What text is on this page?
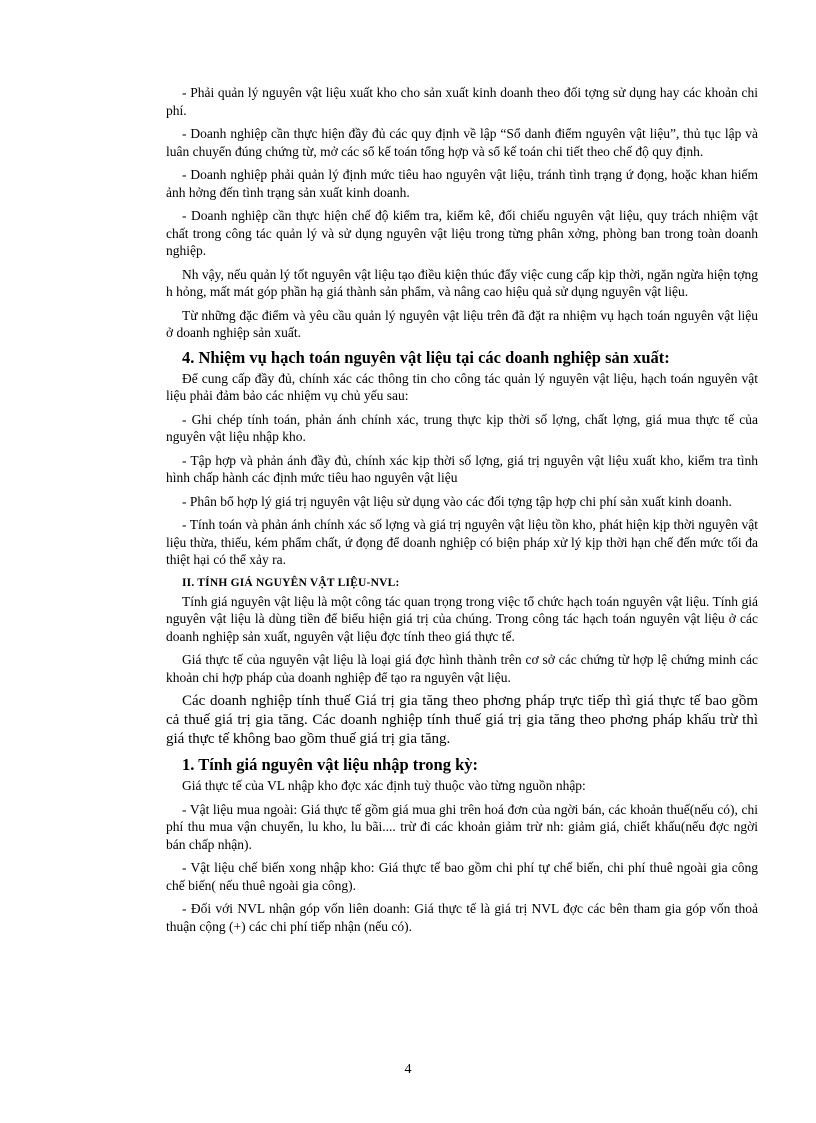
- Phải quản lý nguyên vật liệu xuất kho cho sản xuất kinh doanh theo đối tợng sử dụng hay các khoản chi phí.

- Doanh nghiệp cần thực hiện đầy đủ các quy định về lập “Sổ danh điểm nguyên vật liệu”, thủ tục lập và luân chuyển đúng chứng từ, mở các sổ kế toán tổng hợp và sổ kế toán chi tiết theo chế độ quy định.

- Doanh nghiệp phải quản lý định mức tiêu hao nguyên vật liệu, tránh tình trạng ứ đọng, hoặc khan hiếm ảnh hởng đến tình trạng sản xuất kinh doanh.

- Doanh nghiệp cần thực hiện chế độ kiểm tra, kiểm kê, đối chiếu nguyên vật liệu, quy trách nhiệm vật chất trong công tác quản lý và sử dụng nguyên vật liệu trong từng phân xởng, phòng ban trong toàn doanh nghiệp.

Nh vậy, nếu quản lý tốt nguyên vật liệu tạo điều kiện thúc đẩy việc cung cấp kịp thời, ngăn ngừa hiện tợng h hỏng, mất mát góp phần hạ giá thành sản phẩm, và nâng cao hiệu quả sử dụng nguyên vật liệu.

Từ những đặc điểm và yêu cầu quản lý nguyên vật liệu trên đã đặt ra nhiệm vụ hạch toán nguyên vật liệu ở doanh nghiệp sản xuất.

4. Nhiệm vụ hạch toán nguyên vật liệu tại các doanh nghiệp sản xuất:

Để cung cấp đầy đủ, chính xác các thông tin cho công tác quản lý nguyên vật liệu, hạch toán nguyên vật liệu phải đảm bảo các nhiệm vụ chủ yếu sau:

- Ghi chép tính toán, phản ánh chính xác, trung thực kịp thời số lợng, chất lợng, giá mua thực tế của nguyên vật liệu nhập kho.

- Tập hợp và phản ánh đầy đủ, chính xác kịp thời số lợng, giá trị nguyên vật liệu xuất kho, kiểm tra tình hình chấp hành các định mức tiêu hao nguyên vật liệu

- Phân bổ hợp lý giá trị nguyên vật liệu sử dụng vào các đối tợng tập hợp chi phí sản xuất kinh doanh.

- Tính toán và phản ánh chính xác số lợng và giá trị nguyên vật liệu tồn kho, phát hiện kịp thời nguyên vật liệu thừa, thiếu, kém phẩm chất, ứ đọng để doanh nghiệp có biện pháp xử lý kịp thời hạn chế đến mức tối đa thiệt hại có thể xảy ra.

II. TÍNH GIÁ NGUYÊN VẬT LIỆU-NVL:

Tính giá nguyên vật liệu là một công tác quan trọng trong việc tổ chức hạch toán nguyên vật liệu. Tính giá nguyên vật liệu là dùng tiền để biểu hiện giá trị của chúng. Trong công tác hạch toán nguyên vật liệu ở các doanh nghiệp sản xuất, nguyên vật liệu đợc tính theo giá thực tế.

Giá thực tế của nguyên vật liệu là loại giá đợc hình thành trên cơ sở các chứng từ hợp lệ chứng minh các khoản chi hợp pháp của doanh nghiệp để tạo ra nguyên vật liệu.

Các doanh nghiệp tính thuế Giá trị gia tăng theo phơng pháp trực tiếp thì giá thực tế bao gồm cả thuế giá trị gia tăng. Các doanh nghiệp tính thuế giá trị gia tăng theo phơng pháp khấu trừ thì giá thực tế không bao gồm thuế giá trị gia tăng.

1. Tính giá nguyên vật liệu nhập trong kỳ:

Giá thực tế của VL nhập kho đợc xác định tuỳ thuộc vào từng nguồn nhập:

- Vật liệu mua ngoài: Giá thực tế gồm giá mua ghi trên hoá đơn của ngời bán, các khoản thuế(nếu có), chi phí thu mua vận chuyển, lu kho, lu bãi.... trừ đi các khoản giảm trừ nh: giảm giá, chiết khấu(nếu đợc ngời bán chấp nhận).

- Vật liệu chế biến xong nhập kho: Giá thực tế bao gồm chi phí tự chế biến, chi phí thuê ngoài gia công chế biến( nếu thuê ngoài gia công).

- Đối với NVL nhận góp vốn liên doanh: Giá thực tế là giá trị NVL đợc các bên tham gia góp vốn thoả thuận cộng (+) các chi phí tiếp nhận (nếu có).

4
